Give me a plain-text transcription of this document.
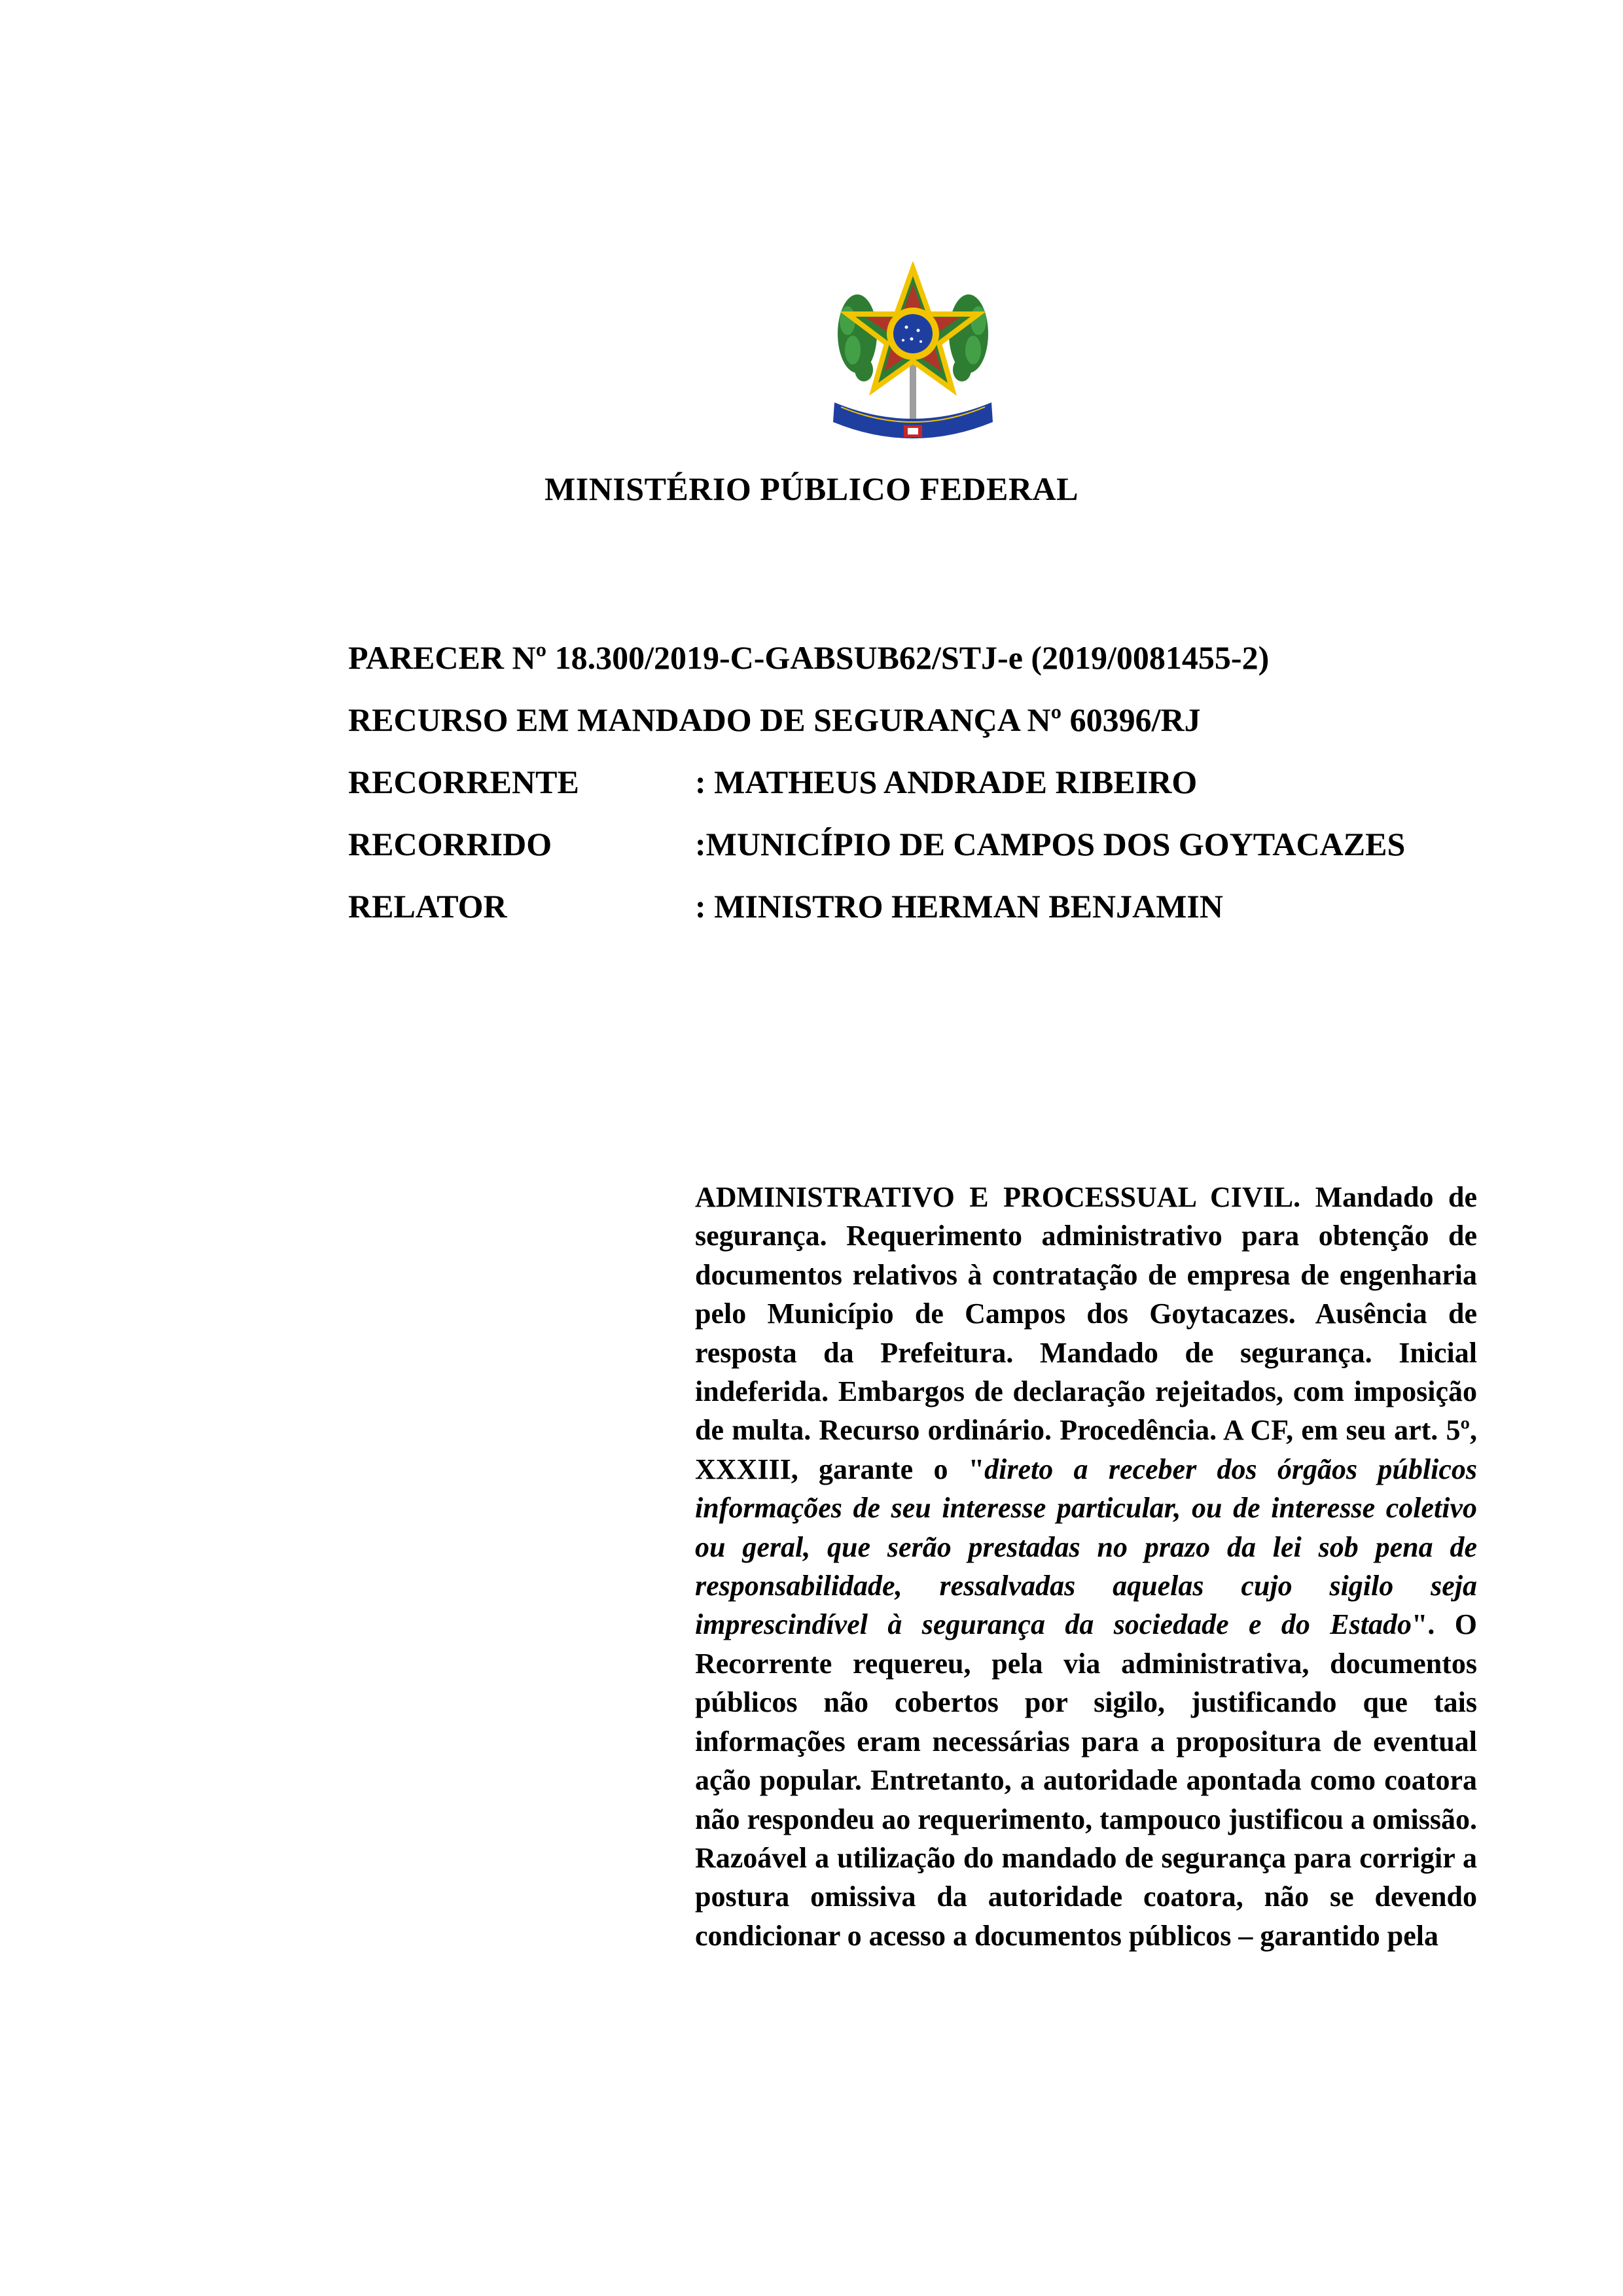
MINISTÉRIO PÚBLICO FEDERAL
PARECER Nº 18.300/2019-C-GABSUB62/STJ-e (2019/0081455-2)
RECURSO EM MANDADO DE SEGURANÇA Nº 60396/RJ
RECORRENTE	: MATHEUS ANDRADE RIBEIRO
RECORRIDO	:MUNICÍPIO DE CAMPOS DOS GOYTACAZES
RELATOR	: MINISTRO HERMAN BENJAMIN
ADMINISTRATIVO E PROCESSUAL CIVIL. Mandado de segurança. Requerimento administrativo para obtenção de documentos relativos à contratação de empresa de engenharia pelo Município de Campos dos Goytacazes. Ausência de resposta da Prefeitura. Mandado de segurança. Inicial indeferida. Embargos de declaração rejeitados, com imposição de multa. Recurso ordinário. Procedência. A CF, em seu art. 5º, XXXIII, garante o "direto a receber dos órgãos públicos informações de seu interesse particular, ou de interesse coletivo ou geral, que serão prestadas no prazo da lei sob pena de responsabilidade, ressalvadas aquelas cujo sigilo seja imprescindível à segurança da sociedade e do Estado". O Recorrente requereu, pela via administrativa, documentos públicos não cobertos por sigilo, justificando que tais informações eram necessárias para a propositura de eventual ação popular. Entretanto, a autoridade apontada como coatora não respondeu ao requerimento, tampouco justificou a omissão. Razoável a utilização do mandado de segurança para corrigir a postura omissiva da autoridade coatora, não se devendo condicionar o acesso a documentos públicos – garantido pela
